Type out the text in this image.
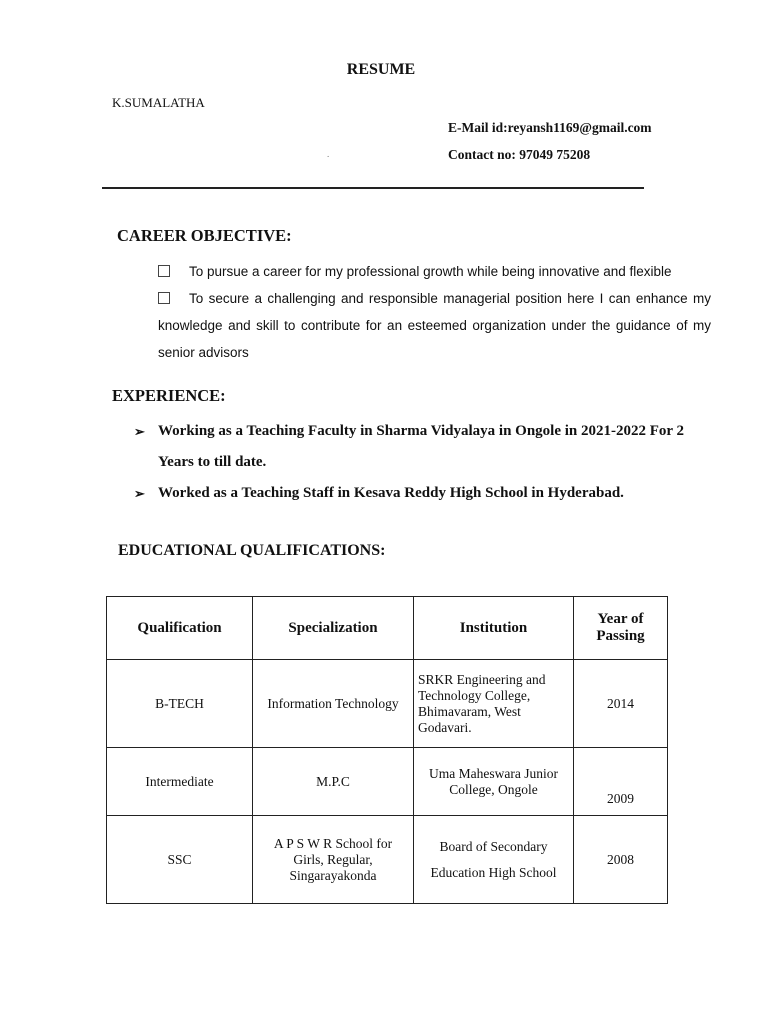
RESUME
K.SUMALATHA
E-Mail id:reyansh1169@gmail.com
.	Contact no: 97049 75208
CAREER OBJECTIVE:

To pursue a career for my professional growth while being innovative and flexible

To secure a challenging and responsible managerial position here I can enhance my knowledge and skill to contribute for an esteemed organization under the guidance of my senior advisors

EXPERIENCE:
➢ Working as a Teaching Faculty in Sharma Vidyalaya in Ongole in 2021-2022 For 2 Years to till date.
➢ Worked as a Teaching Staff in Kesava Reddy High School in Hyderabad.
EDUCATIONAL QUALIFICATIONS:
Qualification	Specialization	Institution	Year of Passing
B-TECH	Information Technology	SRKR Engineering and Technology College, Bhimavaram, West Godavari.	2014
Intermediate	M.P.C	Uma Maheswara Junior College, Ongole	2009
SSC	A P S W R School for Girls, Regular, Singarayakonda	Board of Secondary Education High School	2008
